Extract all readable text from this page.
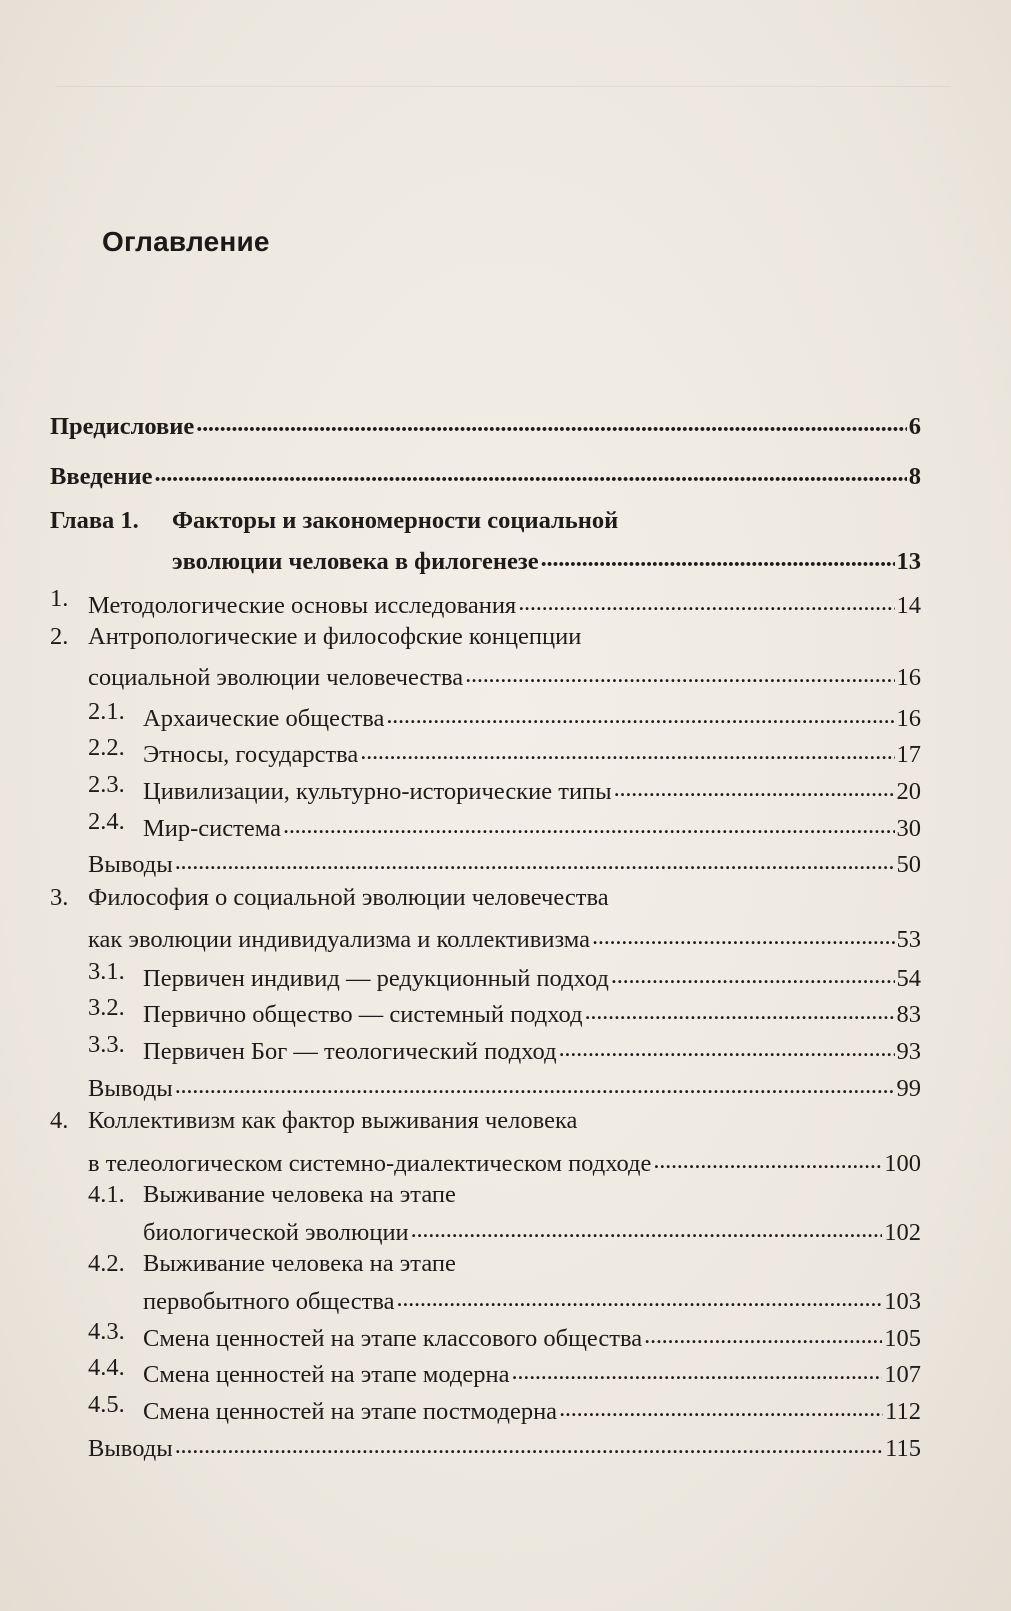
Оглавление
Предисловие . . .	6
Введение . . .	8
Глава 1. Факторы и закономерности социальной
эволюции человека в филогенезе . . .	13
1. Методологические основы исследования . . .	14
2. Антропологические и философские концепции
социальной эволюции человечества . . .	16
2.1. Архаические общества . . .	16
2.2. Этносы, государства . . .	17
2.3. Цивилизации, культурно-исторические типы . . .	20
2.4. Мир-система . . .	30
Выводы . . .	50
3. Философия о социальной эволюции человечества
как эволюции индивидуализма и коллективизма . . .	53
3.1. Первичен индивид — редукционный подход . . .	54
3.2. Первично общество — системный подход . . .	83
3.3. Первичен Бог — теологический подход . . .	93
Выводы . . .	99
4. Коллективизм как фактор выживания человека
в телеологическом системно-диалектическом подходе . . .	100
4.1. Выживание человека на этапе
биологической эволюции . . .	102
4.2. Выживание человека на этапе
первобытного общества . . .	103
4.3. Смена ценностей на этапе классового общества . . .	105
4.4. Смена ценностей на этапе модерна . . .	107
4.5. Смена ценностей на этапе постмодерна . . .	112
Выводы . . .	115
